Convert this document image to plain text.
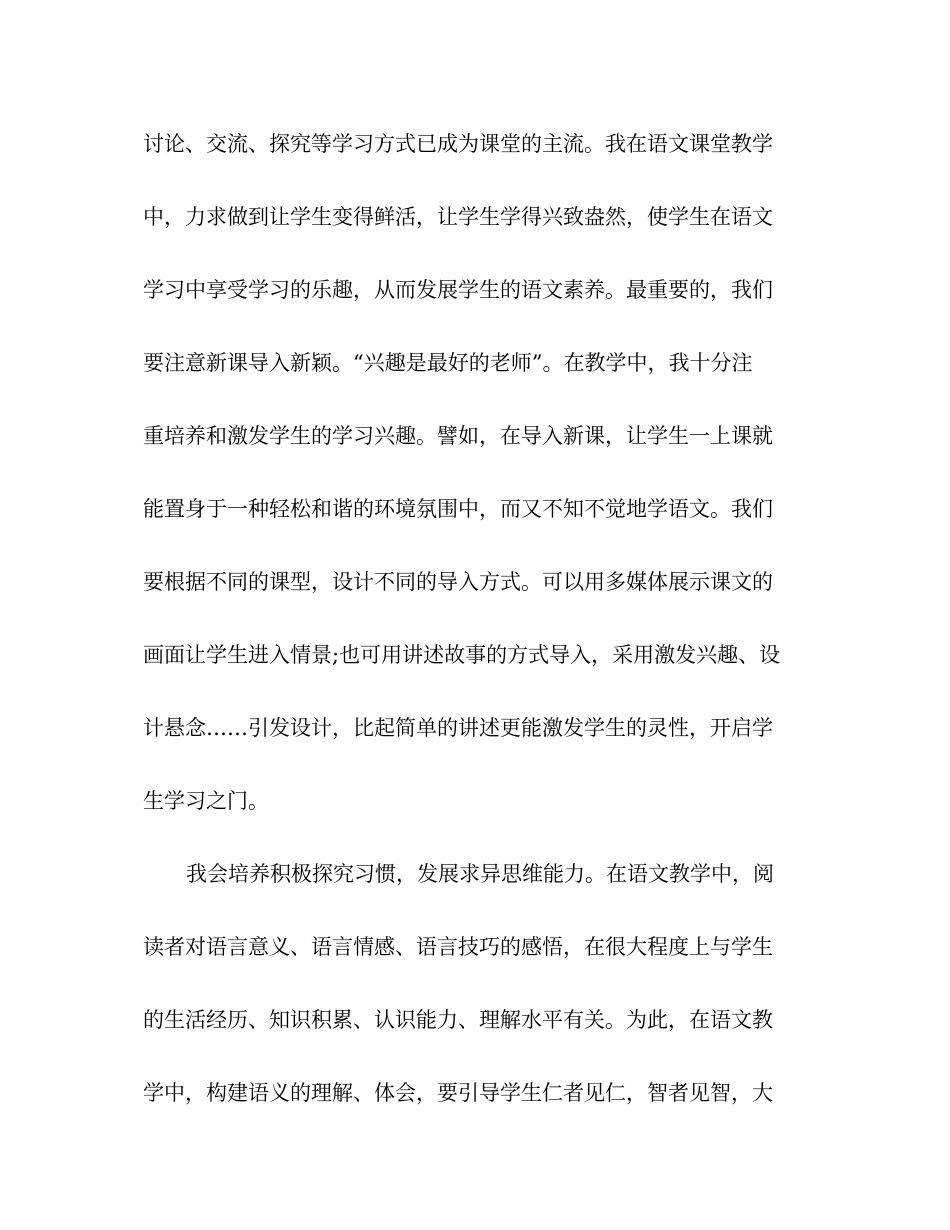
讨论、交流、探究等学习方式已成为课堂的主流。我在语文课堂教学
中，力求做到让学生变得鲜活，让学生学得兴致盎然，使学生在语文
学习中享受学习的乐趣，从而发展学生的语文素养。最重要的，我们
要注意新课导入新颖。“兴趣是最好的老师”。在教学中，我十分注
重培养和激发学生的学习兴趣。譬如，在导入新课，让学生一上课就
能置身于一种轻松和谐的环境氛围中，而又不知不觉地学语文。我们
要根据不同的课型，设计不同的导入方式。可以用多媒体展示课文的
画面让学生进入情景;也可用讲述故事的方式导入，采用激发兴趣、设
计悬念……引发设计，比起简单的讲述更能激发学生的灵性，开启学
生学习之门。
我会培养积极探究习惯，发展求异思维能力。在语文教学中，阅
读者对语言意义、语言情感、语言技巧的感悟，在很大程度上与学生
的生活经历、知识积累、认识能力、理解水平有关。为此，在语文教
学中，构建语义的理解、体会，要引导学生仁者见仁，智者见智，大
